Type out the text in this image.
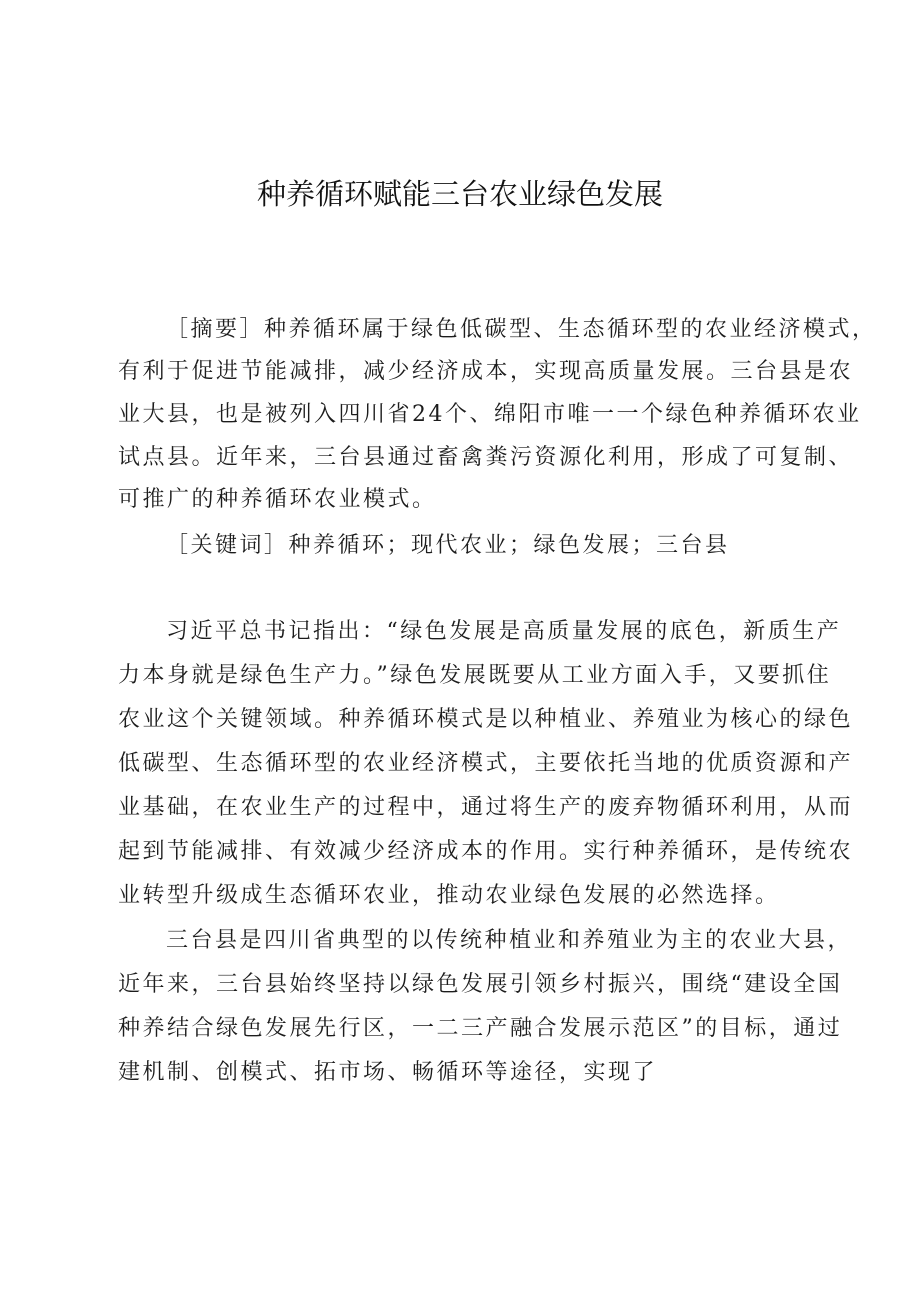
种养循环赋能三台农业绿色发展
［摘要］种养循环属于绿色低碳型、生态循环型的农业经济模式，
有利于促进节能减排，减少经济成本，实现高质量发展。三台县是农
业大县，也是被列入四川省24个、绵阳市唯一一个绿色种养循环农业
试点县。近年来，三台县通过畜禽粪污资源化利用，形成了可复制、
可推广的种养循环农业模式。
［关键词］种养循环；现代农业；绿色发展；三台县
习近平总书记指出：“绿色发展是高质量发展的底色，新质生产
力本身就是绿色生产力。”绿色发展既要从工业方面入手，又要抓住
农业这个关键领域。种养循环模式是以种植业、养殖业为核心的绿色
低碳型、生态循环型的农业经济模式，主要依托当地的优质资源和产
业基础，在农业生产的过程中，通过将生产的废弃物循环利用，从而
起到节能减排、有效减少经济成本的作用。实行种养循环，是传统农
业转型升级成生态循环农业，推动农业绿色发展的必然选择。
三台县是四川省典型的以传统种植业和养殖业为主的农业大县，
近年来，三台县始终坚持以绿色发展引领乡村振兴，围绕“建设全国
种养结合绿色发展先行区，一二三产融合发展示范区”的目标，通过
建机制、创模式、拓市场、畅循环等途径，实现了
